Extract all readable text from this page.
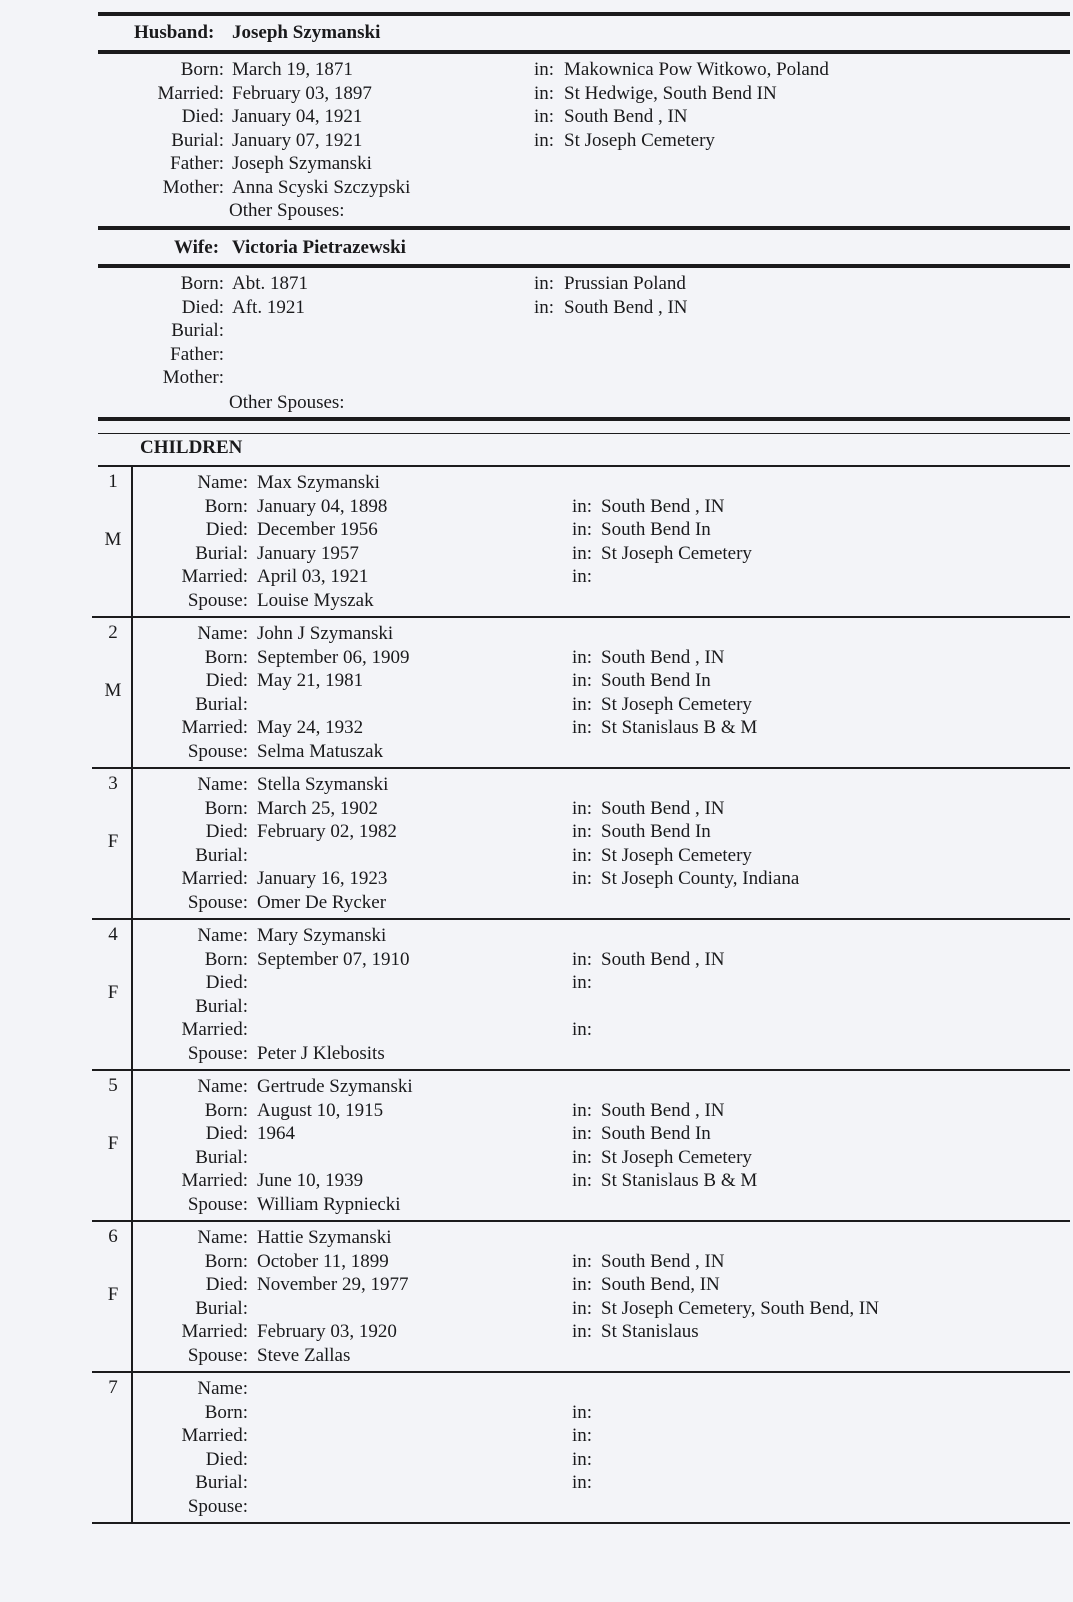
Husband: Joseph Szymanski
Born: March 19, 1871	in: Makownica Pow Witkowo, Poland
Married: February 03, 1897	in: St Hedwige, South Bend IN
Died: January 04, 1921	in: South Bend , IN
Burial: January 07, 1921	in: St Joseph Cemetery
Father: Joseph Szymanski
Mother: Anna Scyski Szczypski
Other Spouses:
Wife: Victoria Pietrazewski
Born: Abt. 1871	in: Prussian Poland
Died: Aft. 1921	in: South Bend , IN
Burial:
Father:
Mother:
Other Spouses:
CHILDREN
1
M
Name: Max Szymanski
Born: January 04, 1898	in: South Bend , IN
Died: December 1956	in: South Bend In
Burial: January 1957	in: St Joseph Cemetery
Married: April 03, 1921	in:
Spouse: Louise Myszak
2
M
Name: John J Szymanski
Born: September 06, 1909	in: South Bend , IN
Died: May 21, 1981	in: South Bend In
Burial:	in: St Joseph Cemetery
Married: May 24, 1932	in: St Stanislaus B & M
Spouse: Selma Matuszak
3
F
Name: Stella Szymanski
Born: March 25, 1902	in: South Bend , IN
Died: February 02, 1982	in: South Bend In
Burial:	in: St Joseph Cemetery
Married: January 16, 1923	in: St Joseph County, Indiana
Spouse: Omer De Rycker
4
F
Name: Mary Szymanski
Born: September 07, 1910	in: South Bend , IN
Died:	in:
Burial:
Married:	in:
Spouse: Peter J Klebosits
5
F
Name: Gertrude Szymanski
Born: August 10, 1915	in: South Bend , IN
Died: 1964	in: South Bend In
Burial:	in: St Joseph Cemetery
Married: June 10, 1939	in: St Stanislaus B & M
Spouse: William Rypniecki
6
F
Name: Hattie Szymanski
Born: October 11, 1899	in: South Bend , IN
Died: November 29, 1977	in: South Bend, IN
Burial:	in: St Joseph Cemetery, South Bend, IN
Married: February 03, 1920	in: St Stanislaus
Spouse: Steve Zallas
7	Name:
Born:	in:
Married:	in:
Died:	in:
Burial:	in:
Spouse:
